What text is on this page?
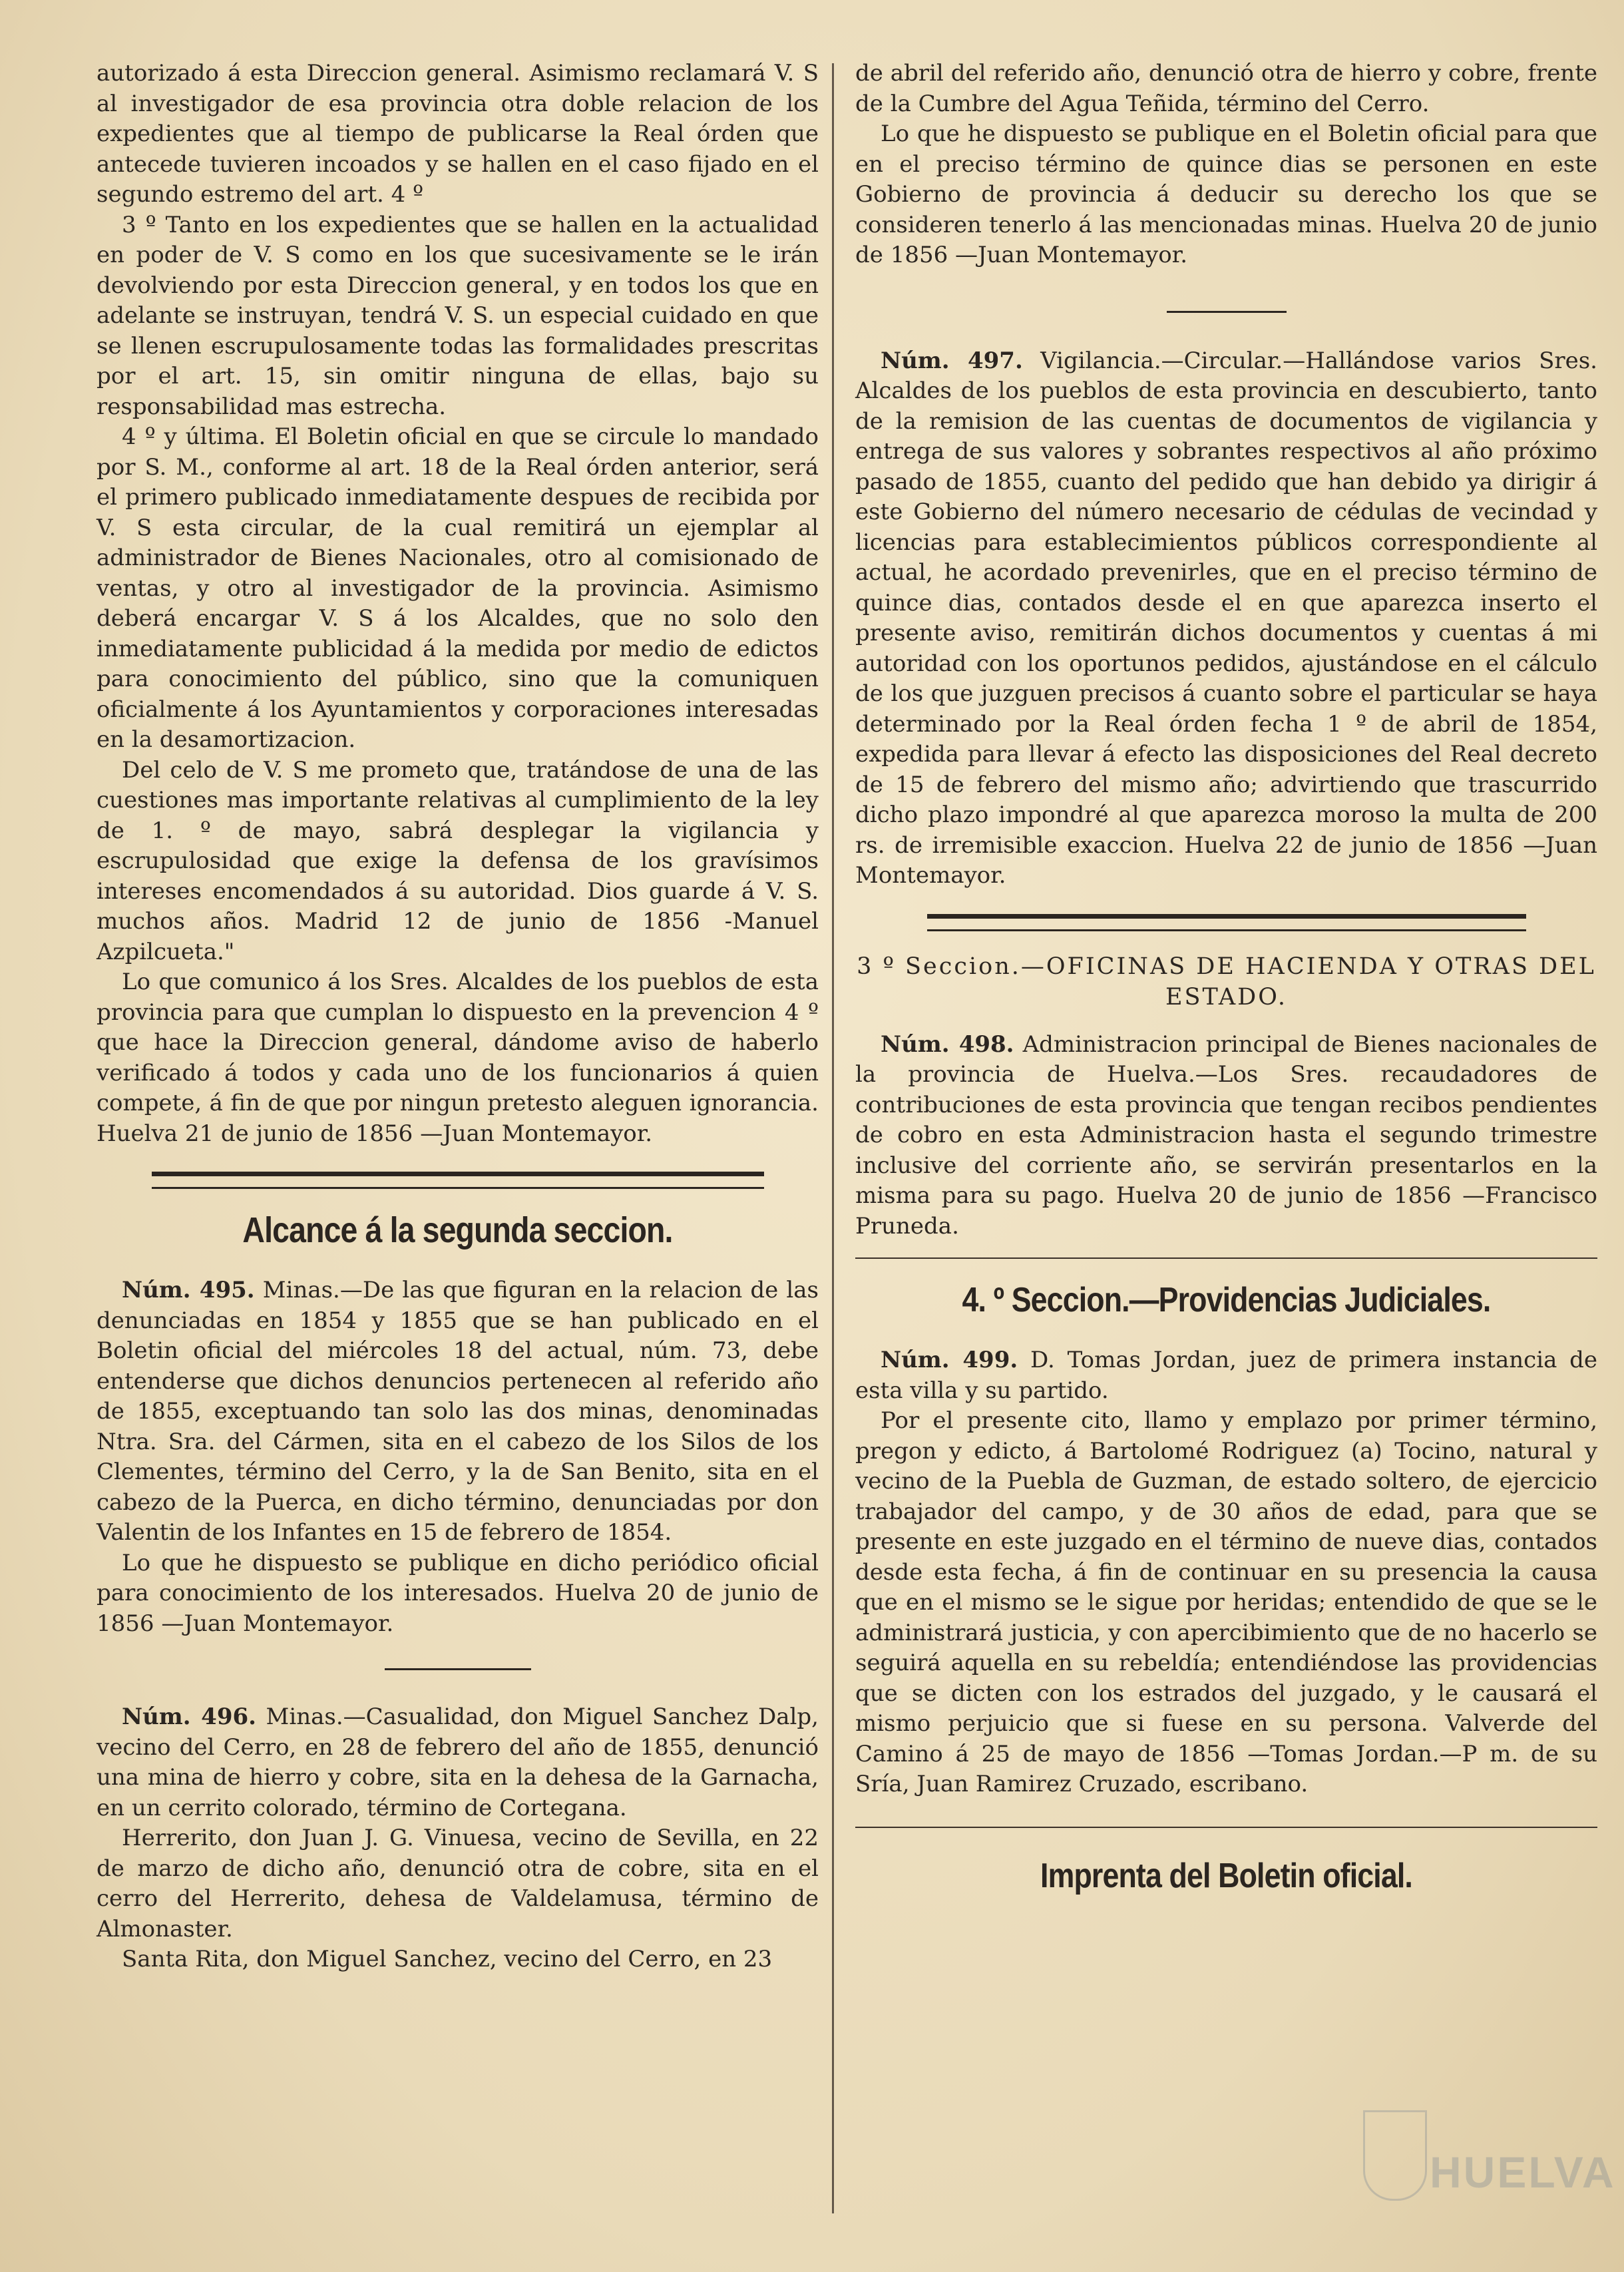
autorizado á esta Direccion general. Asimismo reclamará V. S al investigador de esa provincia otra doble relacion de los expedientes que al tiempo de publicarse la Real órden que antecede tuvieren incoados y se hallen en el caso fijado en el segundo estremo del art. 4 º

3 º Tanto en los expedientes que se hallen en la actualidad en poder de V. S como en los que sucesivamente se le irán devolviendo por esta Direccion general, y en todos los que en adelante se instruyan, tendrá V. S. un especial cuidado en que se llenen escrupulosamente todas las formalidades prescritas por el art. 15, sin omitir ninguna de ellas, bajo su responsabilidad mas estrecha.

4 º y última. El Boletin oficial en que se circule lo mandado por S. M., conforme al art. 18 de la Real órden anterior, será el primero publicado inmediatamente despues de recibida por V. S esta circular, de la cual remitirá un ejemplar al administrador de Bienes Nacionales, otro al comisionado de ventas, y otro al investigador de la provincia. Asimismo deberá encargar V. S á los Alcaldes, que no solo den inmediatamente publicidad á la medida por medio de edictos para conocimiento del público, sino que la comuniquen oficialmente á los Ayuntamientos y corporaciones interesadas en la desamortizacion.

Del celo de V. S me prometo que, tratándose de una de las cuestiones mas importante relativas al cumplimiento de la ley de 1. º de mayo, sabrá desplegar la vigilancia y escrupulosidad que exige la defensa de los gravísimos intereses encomendados á su autoridad. Dios guarde á V. S. muchos años. Madrid 12 de junio de 1856 -Manuel Azpilcueta."

Lo que comunico á los Sres. Alcaldes de los pueblos de esta provincia para que cumplan lo dispuesto en la prevencion 4 º que hace la Direccion general, dándome aviso de haberlo verificado á todos y cada uno de los funcionarios á quien compete, á fin de que por ningun pretesto aleguen ignorancia. Huelva 21 de junio de 1856 —Juan Montemayor.

Alcance á la segunda seccion.

Núm. 495. Minas.—De las que figuran en la relacion de las denunciadas en 1854 y 1855 que se han publicado en el Boletin oficial del miércoles 18 del actual, núm. 73, debe entenderse que dichos denuncios pertenecen al referido año de 1855, exceptuando tan solo las dos minas, denominadas Ntra. Sra. del Cármen, sita en el cabezo de los Silos de los Clementes, término del Cerro, y la de San Benito, sita en el cabezo de la Puerca, en dicho término, denunciadas por don Valentin de los Infantes en 15 de febrero de 1854.

Lo que he dispuesto se publique en dicho periódico oficial para conocimiento de los interesados. Huelva 20 de junio de 1856 —Juan Montemayor.

Núm. 496. Minas.—Casualidad, don Miguel Sanchez Dalp, vecino del Cerro, en 28 de febrero del año de 1855, denunció una mina de hierro y cobre, sita en la dehesa de la Garnacha, en un cerrito colorado, término de Cortegana.

Herrerito, don Juan J. G. Vinuesa, vecino de Sevilla, en 22 de marzo de dicho año, denunció otra de cobre, sita en el cerro del Herrerito, dehesa de Valdelamusa, término de Almonaster.

Santa Rita, don Miguel Sanchez, vecino del Cerro, en 23

de abril del referido año, denunció otra de hierro y cobre, frente de la Cumbre del Agua Teñida, término del Cerro.

Lo que he dispuesto se publique en el Boletin oficial para que en el preciso término de quince dias se personen en este Gobierno de provincia á deducir su derecho los que se consideren tenerlo á las mencionadas minas. Huelva 20 de junio de 1856 —Juan Montemayor.

Núm. 497. Vigilancia.—Circular.—Hallándose varios Sres. Alcaldes de los pueblos de esta provincia en descubierto, tanto de la remision de las cuentas de documentos de vigilancia y entrega de sus valores y sobrantes respectivos al año próximo pasado de 1855, cuanto del pedido que han debido ya dirigir á este Gobierno del número necesario de cédulas de vecindad y licencias para establecimientos públicos correspondiente al actual, he acordado prevenirles, que en el preciso término de quince dias, contados desde el en que aparezca inserto el presente aviso, remitirán dichos documentos y cuentas á mi autoridad con los oportunos pedidos, ajustándose en el cálculo de los que juzguen precisos á cuanto sobre el particular se haya determinado por la Real órden fecha 1 º de abril de 1854, expedida para llevar á efecto las disposiciones del Real decreto de 15 de febrero del mismo año; advirtiendo que trascurrido dicho plazo impondré al que aparezca moroso la multa de 200 rs. de irremisible exaccion. Huelva 22 de junio de 1856 —Juan Montemayor.

3 º Seccion.—OFICINAS DE HACIENDA Y OTRAS DEL ESTADO.

Núm. 498. Administracion principal de Bienes nacionales de la provincia de Huelva.—Los Sres. recaudadores de contribuciones de esta provincia que tengan recibos pendientes de cobro en esta Administracion hasta el segundo trimestre inclusive del corriente año, se servirán presentarlos en la misma para su pago. Huelva 20 de junio de 1856 —Francisco Pruneda.

4. º Seccion.—Providencias Judiciales.

Núm. 499. D. Tomas Jordan, juez de primera instancia de esta villa y su partido.

Por el presente cito, llamo y emplazo por primer término, pregon y edicto, á Bartolomé Rodriguez (a) Tocino, natural y vecino de la Puebla de Guzman, de estado soltero, de ejercicio trabajador del campo, y de 30 años de edad, para que se presente en este juzgado en el término de nueve dias, contados desde esta fecha, á fin de continuar en su presencia la causa que en el mismo se le sigue por heridas; entendido de que se le administrará justicia, y con apercibimiento que de no hacerlo se seguirá aquella en su rebeldía; entendiéndose las providencias que se dicten con los estrados del juzgado, y le causará el mismo perjuicio que si fuese en su persona. Valverde del Camino á 25 de mayo de 1856 —Tomas Jordan.—P m. de su Sría, Juan Ramirez Cruzado, escribano.

Imprenta del Boletin oficial.
HUELVA
